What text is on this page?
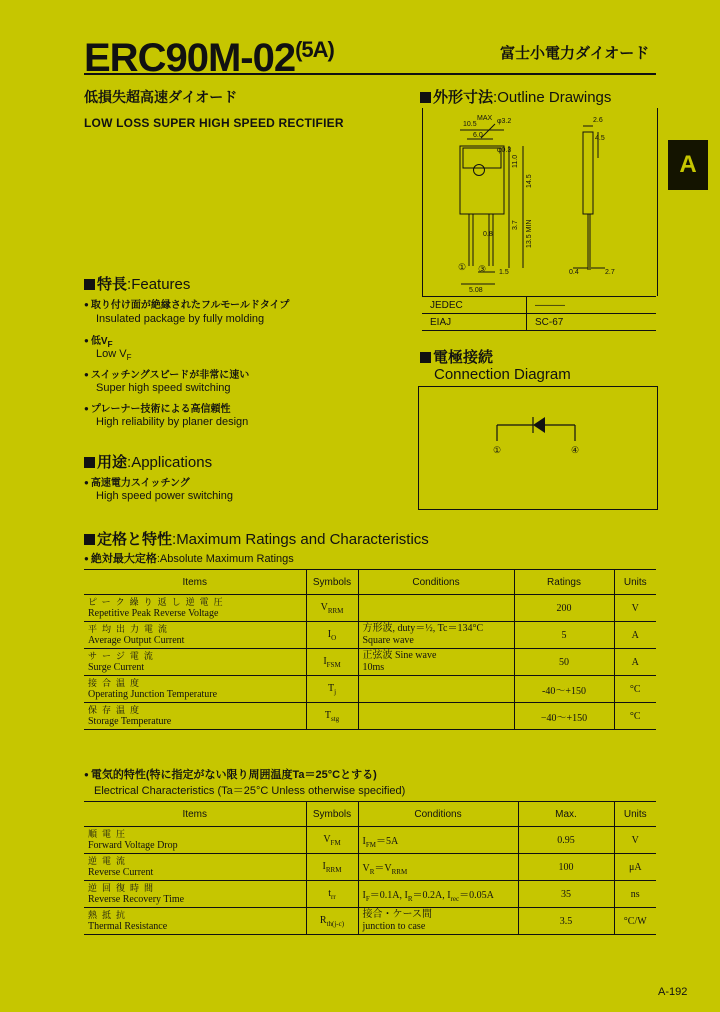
$ERC90M-02^{(5A)}$	富士小電力ダイオード
低損失超高速ダイオード
LOW LOSS SUPER HIGH SPEED RECTIFIER
A
外形寸法:Outline Drawings
10.5
MAX φ3.2
6.0
2.6
4.5
14.5
11.0
3.7 13.5 MIN
φ0.3
0.8
1.5
5.08
0.4	2.7
① ③
JEDEC	———
EIAJ	SC-67
特長:Features
● 取り付け面が絶縁されたフルモールドタイプ
Insulated package by fully molding
● 低$V_F$
Low $V_F$
● スイッチングスピードが非常に速い
Super high speed switching
● プレーナー技術による高信頼性
High reliability by planer design
用途:Applications
● 高速電力スイッチング
High speed power switching
電極接続
Connection Diagram
①	④
定格と特性:Maximum Ratings and Characteristics
● 絶対最大定格:Absolute Maximum Ratings
Items	Symbols	Conditions	Ratings	Units

ピーク繰り返し逆電圧
Repetitive Peak Reverse Voltage	$V_{RRM}$		200	V

平均出力電流
Average Output Current	$I_O$	方形波, duty＝½, Tc＝134°C
Square wave	5	A

サージ電流
Surge Current	$I_{FSM}$	正弦波 Sine wave
10ms	50	A

接合温度
Operating Junction Temperature	$T_j$		-40～+150	°C

保存温度
Storage Temperature	$T_{stg}$		−40～+150	°C
● 電気的特性(特に指定がない限り周囲温度Ta＝25°Cとする)
Electrical Characteristics (Ta＝25°C Unless otherwise specified)
Items	Symbols	Conditions	Max.	Units

順電圧
Forward Voltage Drop	$V_{FM}$	$I_{FM}=5A$	0.95	V

逆電流
Reverse Current	$I_{RRM}$	$V_R=V_{RRM}$	100	μA

逆回復時間
Reverse Recovery Time	$t_{rr}$	$I_F=0.1A$, $I_R=0.2A$, $I_{rec}=0.05A$	35	ns

熱抵抗
Thermal Resistance	$R_{th(j-c)}$	接合・ケース間
junction to case	3.5	°C/W
A-192
